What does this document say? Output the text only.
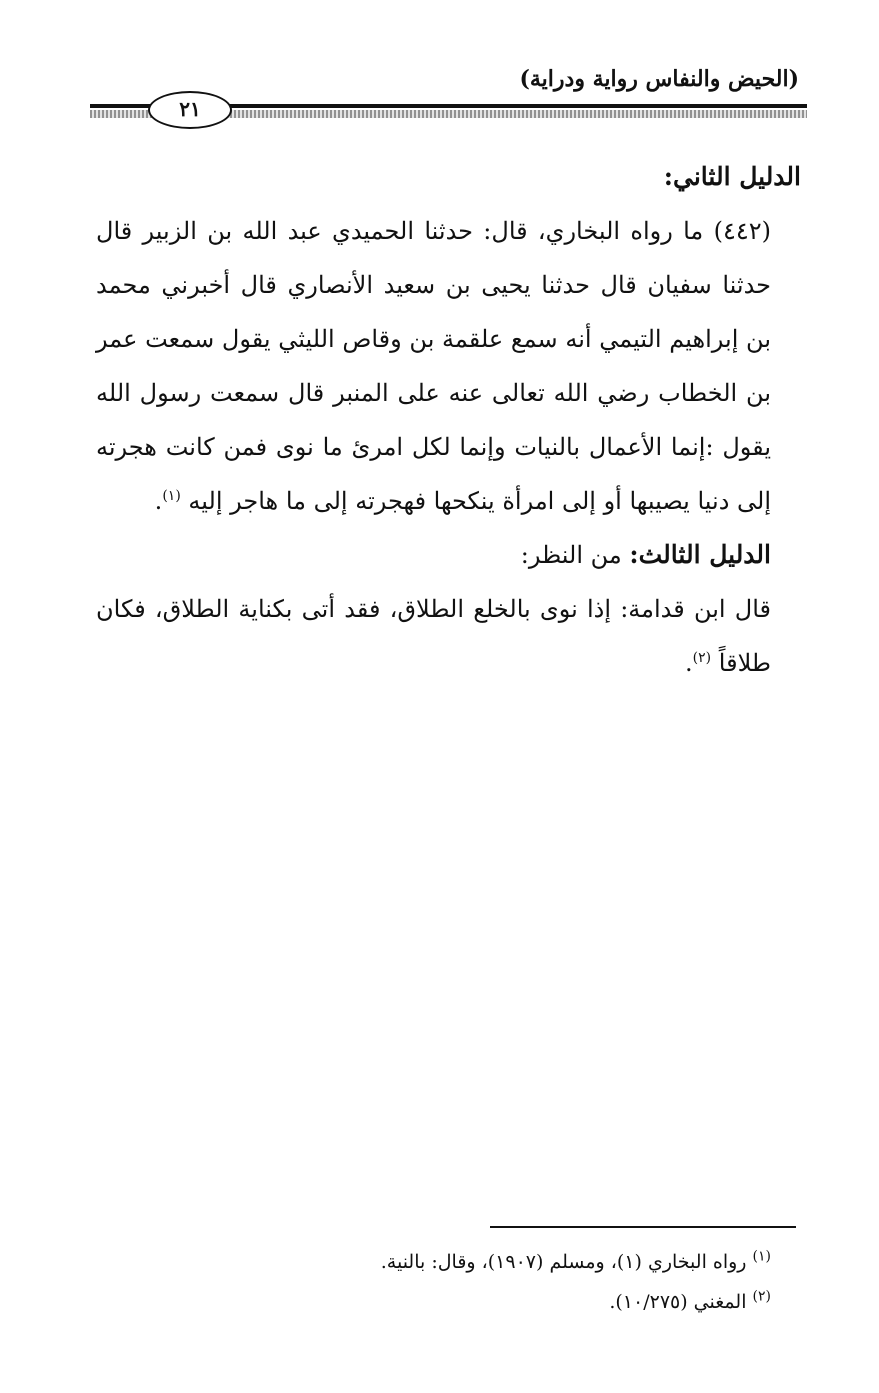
(الحيض والنفاس رواية ودراية)
٢١

الدليل الثاني:

(٤٤٢) ما رواه البخاري، قال: حدثنا الحميدي عبد الله بن الزبير قال حدثنا سفيان قال حدثنا يحيى بن سعيد الأنصاري قال أخبرني محمد بن إبراهيم التيمي أنه سمع علقمة بن وقاص الليثي يقول سمعت عمر بن الخطاب رضي الله تعالى عنه على المنبر قال سمعت رسول الله يقول :إنما الأعمال بالنيات وإنما لكل امرئ ما نوى فمن كانت هجرته إلى دنيا يصيبها أو إلى امرأة ينكحها فهجرته إلى ما هاجر إليه $^{(١)}$.

الدليل الثالث: من النظر:

قال ابن قدامة: إذا نوى بالخلع الطلاق، فقد أتى بكناية الطلاق، فكان طلاقاً $^{(٢)}$.

$^{(١)}$ رواه البخاري (١)، ومسلم (١٩٠٧)، وقال: بالنية.

$^{(٢)}$ المغني (١٠/٢٧٥).
